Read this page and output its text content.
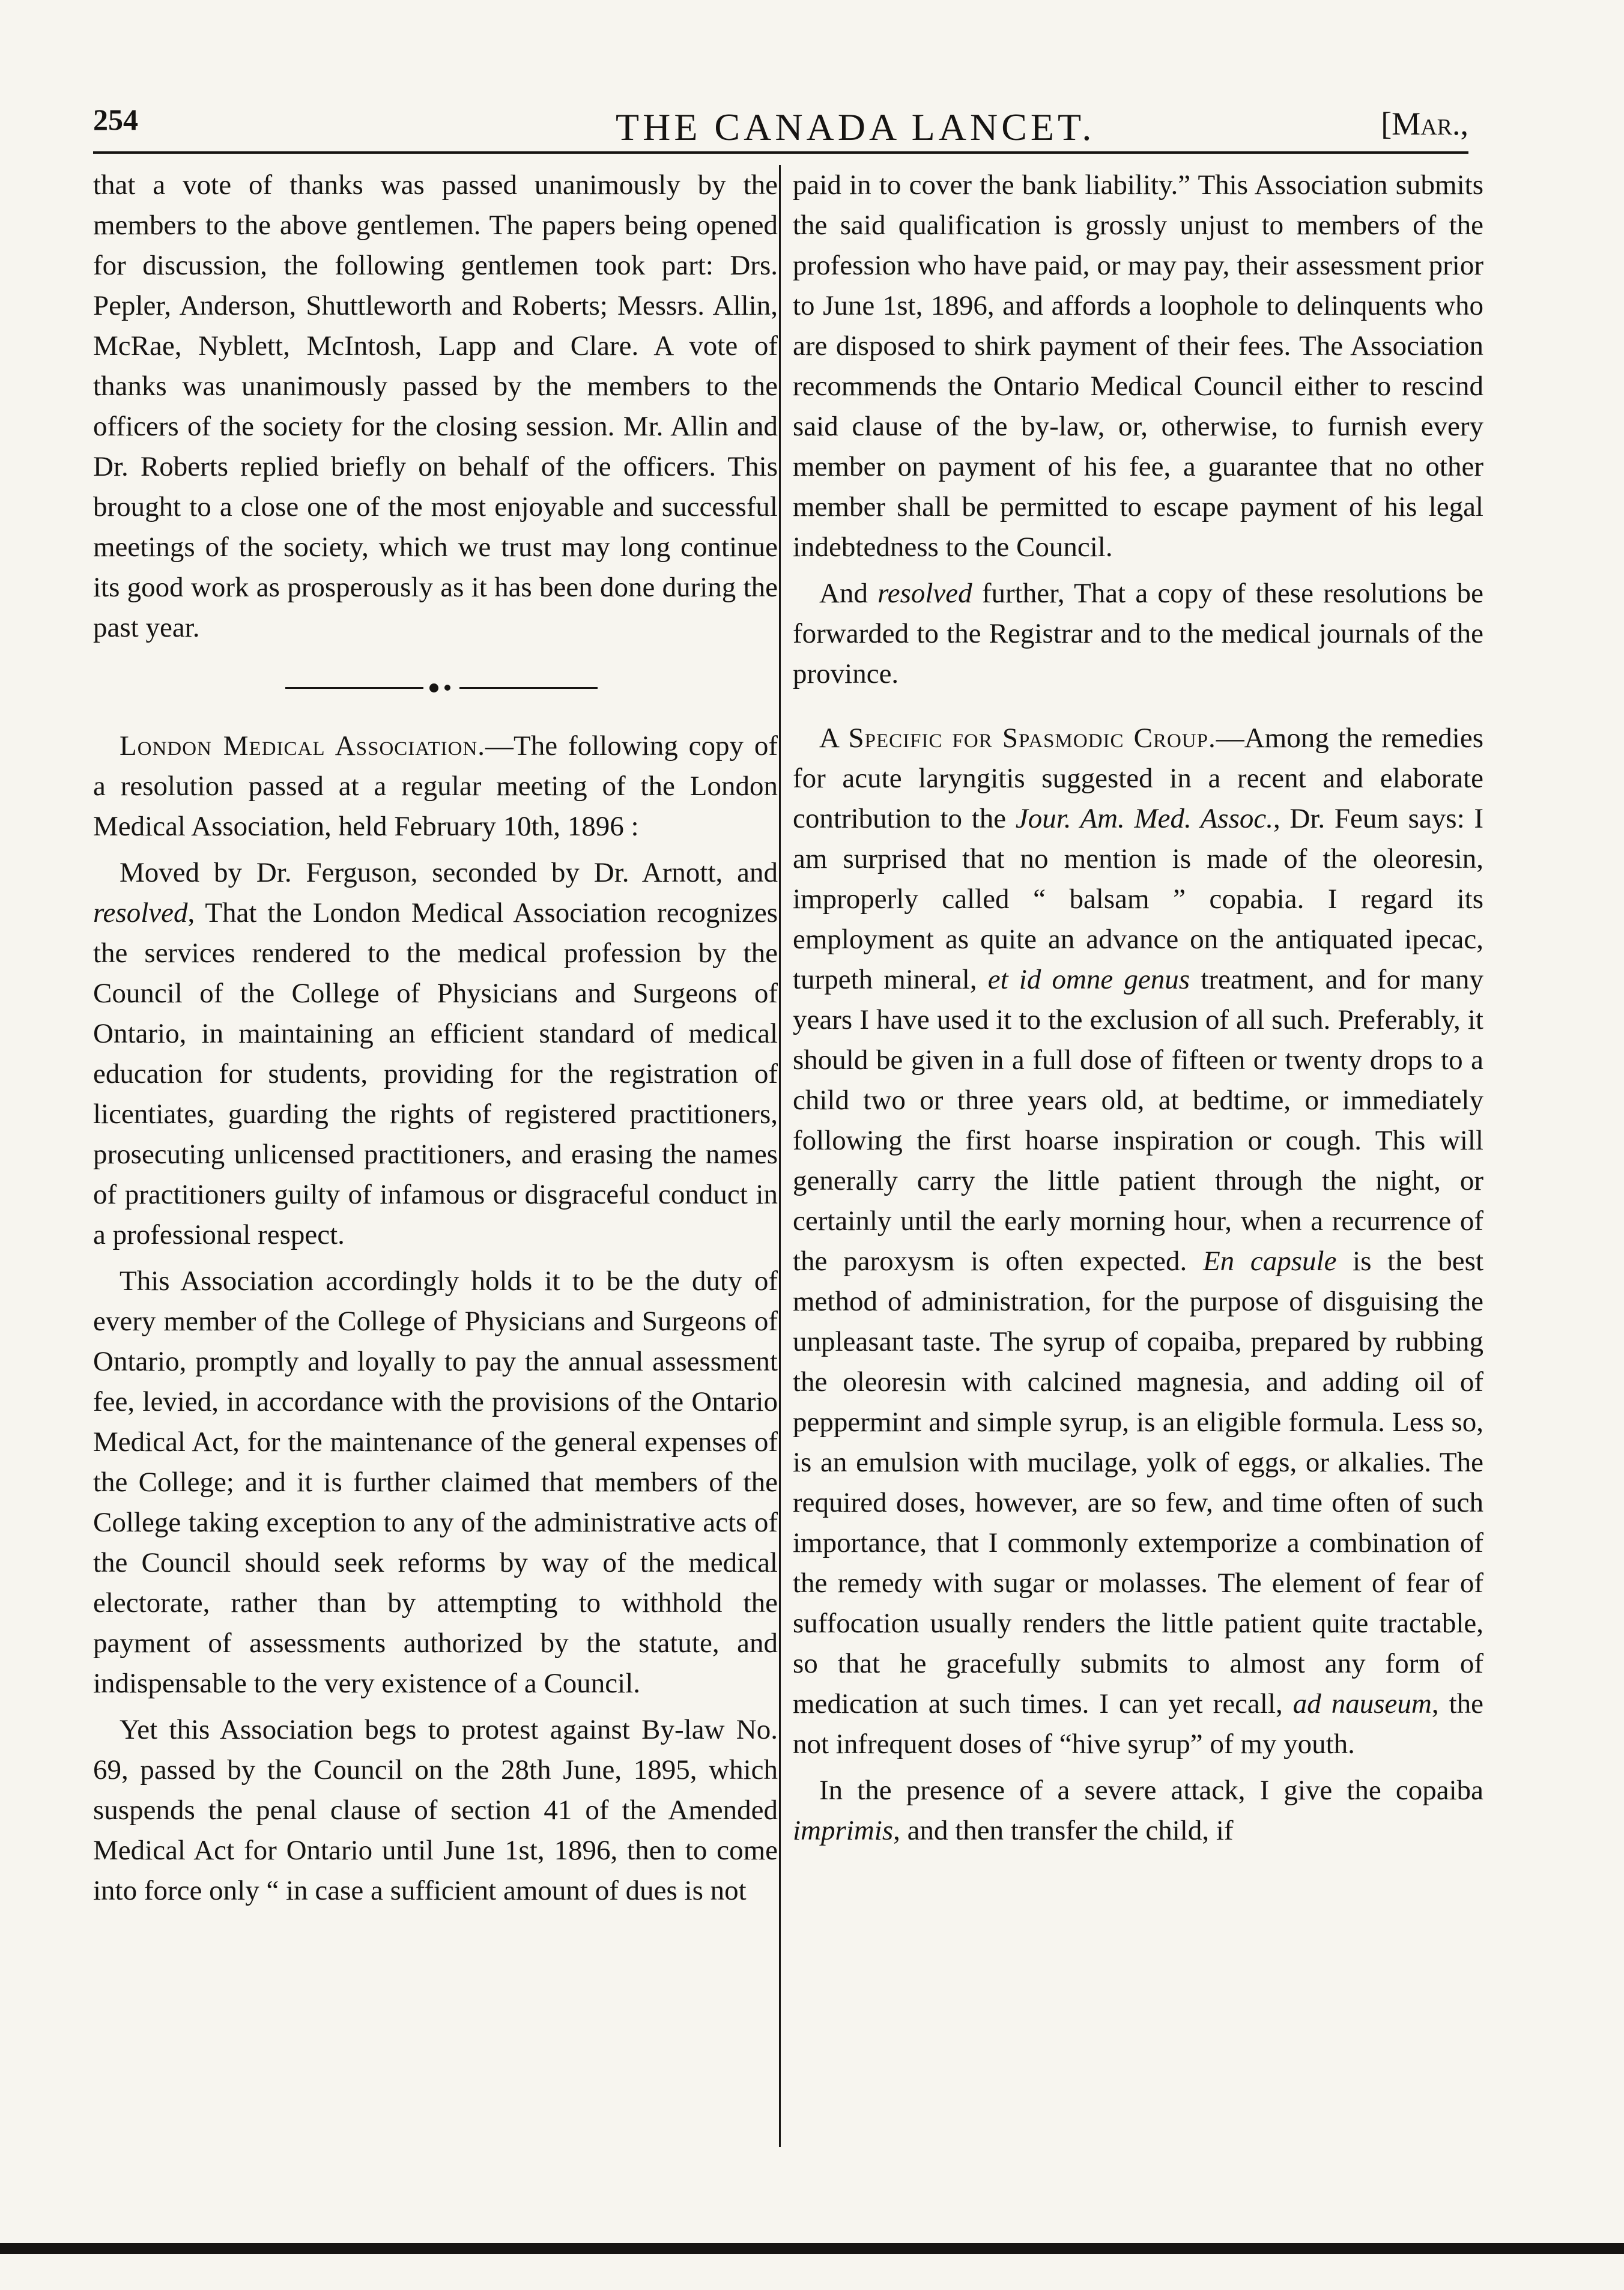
254	THE CANADA LANCET.	[Mar.,

that a vote of thanks was passed unanimously by the members to the above gentlemen. The papers being opened for discussion, the following gentlemen took part: Drs. Pepler, Anderson, Shuttleworth and Roberts; Messrs. Allin, McRae, Nyblett, McIntosh, Lapp and Clare. A vote of thanks was unanimously passed by the members to the officers of the society for the closing session. Mr. Allin and Dr. Roberts replied briefly on behalf of the officers. This brought to a close one of the most enjoyable and successful meetings of the society, which we trust may long continue its good work as prosperously as it has been done during the past year.

London Medical Association.—The following copy of a resolution passed at a regular meeting of the London Medical Association, held February 10th, 1896 :

Moved by Dr. Ferguson, seconded by Dr. Arnott, and resolved, That the London Medical Association recognizes the services rendered to the medical profession by the Council of the College of Physicians and Surgeons of Ontario, in maintaining an efficient standard of medical education for students, providing for the registration of licentiates, guarding the rights of registered practitioners, prosecuting unlicensed practitioners, and erasing the names of practitioners guilty of infamous or disgraceful conduct in a professional respect.

This Association accordingly holds it to be the duty of every member of the College of Physicians and Surgeons of Ontario, promptly and loyally to pay the annual assessment fee, levied, in accordance with the provisions of the Ontario Medical Act, for the maintenance of the general expenses of the College; and it is further claimed that members of the College taking exception to any of the administrative acts of the Council should seek reforms by way of the medical electorate, rather than by attempting to withhold the payment of assessments authorized by the statute, and indispensable to the very existence of a Council.

Yet this Association begs to protest against By-law No. 69, passed by the Council on the 28th June, 1895, which suspends the penal clause of section 41 of the Amended Medical Act for Ontario until June 1st, 1896, then to come into force only “ in case a sufficient amount of dues is not

paid in to cover the bank liability.” This Association submits the said qualification is grossly unjust to members of the profession who have paid, or may pay, their assessment prior to June 1st, 1896, and affords a loophole to delinquents who are disposed to shirk payment of their fees. The Association recommends the Ontario Medical Council either to rescind said clause of the by-law, or, otherwise, to furnish every member on payment of his fee, a guarantee that no other member shall be permitted to escape payment of his legal indebtedness to the Council.

And resolved further, That a copy of these resolutions be forwarded to the Registrar and to the medical journals of the province.

A Specific for Spasmodic Croup.—Among the remedies for acute laryngitis suggested in a recent and elaborate contribution to the Jour. Am. Med. Assoc., Dr. Feum says: I am surprised that no mention is made of the oleoresin, improperly called “ balsam ” copabia. I regard its employment as quite an advance on the antiquated ipecac, turpeth mineral, et id omne genus treatment, and for many years I have used it to the exclusion of all such. Preferably, it should be given in a full dose of fifteen or twenty drops to a child two or three years old, at bedtime, or immediately following the first hoarse inspiration or cough. This will generally carry the little patient through the night, or certainly until the early morning hour, when a recurrence of the paroxysm is often expected. En capsule is the best method of administration, for the purpose of disguising the unpleasant taste. The syrup of copaiba, prepared by rubbing the oleoresin with calcined magnesia, and adding oil of peppermint and simple syrup, is an eligible formula. Less so, is an emulsion with mucilage, yolk of eggs, or alkalies. The required doses, however, are so few, and time often of such importance, that I commonly extemporize a combination of the remedy with sugar or molasses. The element of fear of suffocation usually renders the little patient quite tractable, so that he gracefully submits to almost any form of medication at such times. I can yet recall, ad nauseum, the not infrequent doses of “hive syrup” of my youth.

In the presence of a severe attack, I give the copaiba imprimis, and then transfer the child, if
